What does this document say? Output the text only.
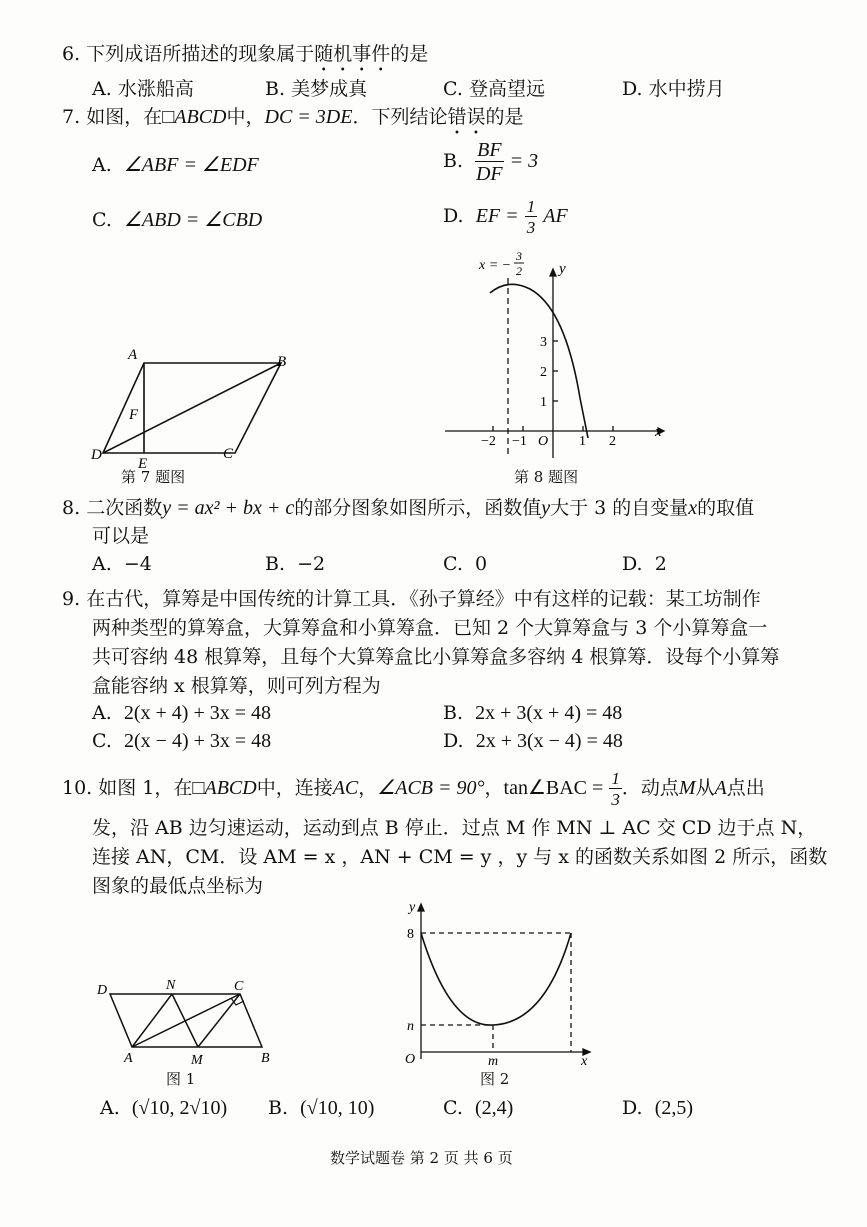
6. 下列成语所描述的现象属于随机事件的是
A. 水涨船高	B. 美梦成真	C. 登高望远	D. 水中捞月
7. 如图，在□ABCD中，DC = 3DE．下列结论错误的是
A. ∠ABF = ∠EDF	B. $\frac{BF}{DF} = 3$
C. ∠ABD = ∠CBD	D. EF = $\frac{1}{3}$ AF
A	B
C
D
E
F
第 7 题图
x = −
3
2
−2 −1 O 1 2
3
2
1
x
y
第 8 题图
8. 二次函数y = ax² + bx + c的部分图象如图所示，函数值y大于 3 的自变量x的取值
可以是
A. −4	B. −2	C. 0	D. 2
9. 在古代，算筹是中国传统的计算工具．《孙子算经》中有这样的记载：某工坊制作
两种类型的算筹盒，大算筹盒和小算筹盒．已知 2 个大算筹盒与 3 个小算筹盒一
共可容纳 48 根算筹，且每个大算筹盒比小算筹盒多容纳 4 根算筹．设每个小算筹
盒能容纳 x 根算筹，则可列方程为
A. 2(x + 4) + 3x = 48	B. 2x + 3(x + 4) = 48
C. 2(x − 4) + 3x = 48	D. 2x + 3(x − 4) = 48
10. 如图 1，在□ABCD中，连接AC，∠ACB = 90°，tan∠BAC = $\frac{1}{3}$ ．动点M从A点出
发，沿 AB 边匀速运动，运动到点 B 停止．过点 M 作 MN ⊥ AC 交 CD 边于点 N，
连接 AN，CM．设 AM = x ，AN + CM = y ，y 与 x 的函数关系如图 2 所示，函数
图象的最低点坐标为
A	B
C
D
M
N
图 1
y
x
O
8
n
m
图 2
A. (√10, 2√10) B. (√10, 10)	C. (2,4)	D. (2,5)
数学试题卷 第 2 页 共 6 页
